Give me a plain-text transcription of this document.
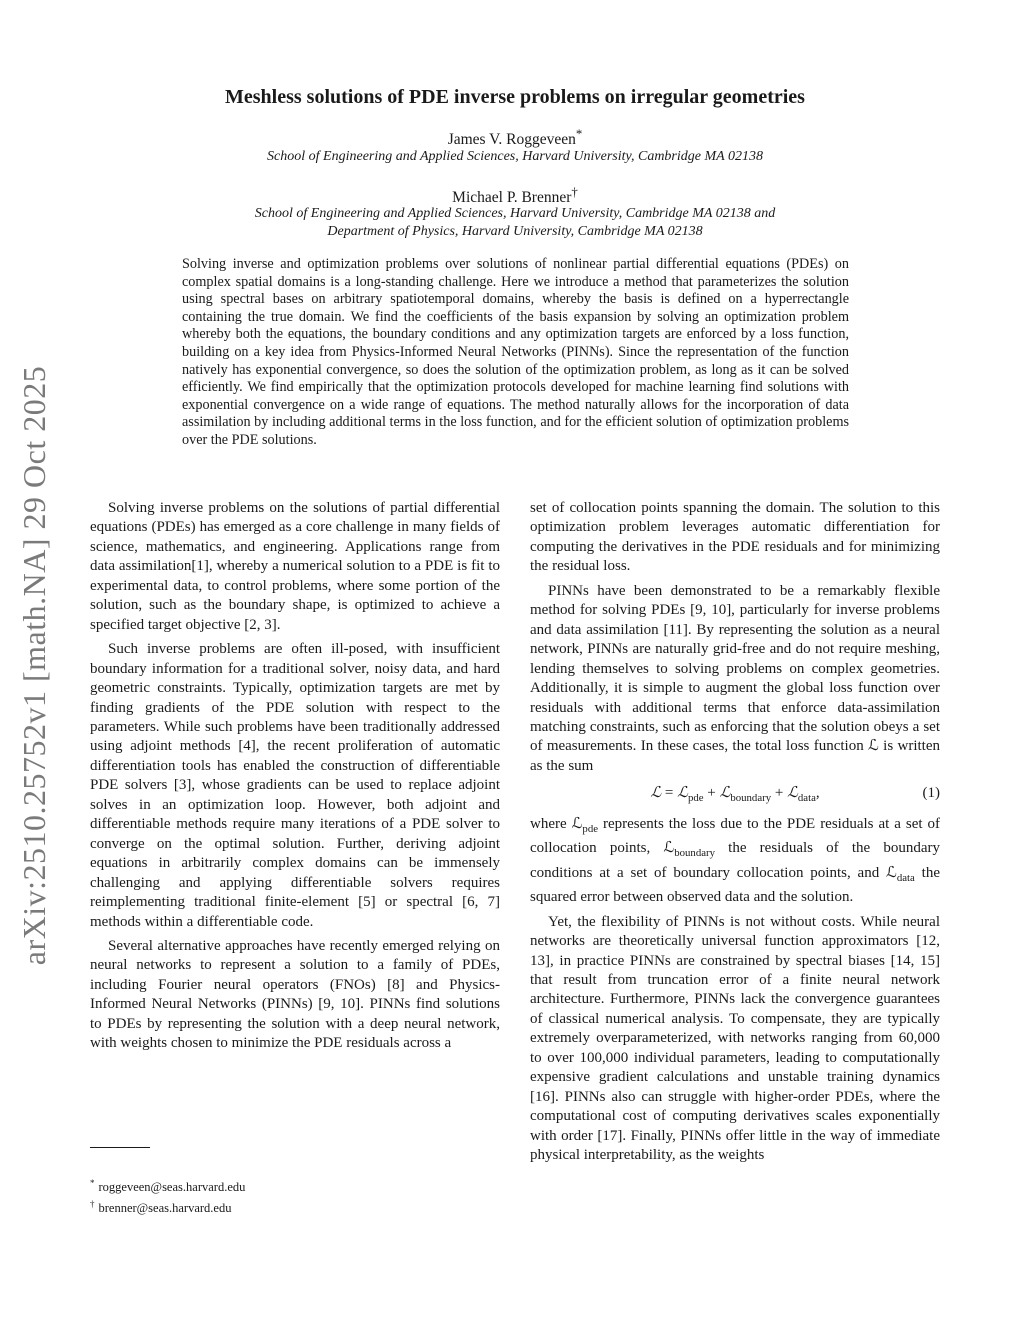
arXiv:2510.25752v1 [math.NA] 29 Oct 2025
Meshless solutions of PDE inverse problems on irregular geometries
James V. Roggeveen*
School of Engineering and Applied Sciences, Harvard University, Cambridge MA 02138
Michael P. Brenner†
School of Engineering and Applied Sciences, Harvard University, Cambridge MA 02138 and
Department of Physics, Harvard University, Cambridge MA 02138
Solving inverse and optimization problems over solutions of nonlinear partial differential equations (PDEs) on complex spatial domains is a long-standing challenge. Here we introduce a method that parameterizes the solution using spectral bases on arbitrary spatiotemporal domains, whereby the basis is defined on a hyperrectangle containing the true domain. We find the coefficients of the basis expansion by solving an optimization problem whereby both the equations, the boundary conditions and any optimization targets are enforced by a loss function, building on a key idea from Physics-Informed Neural Networks (PINNs). Since the representation of the function natively has exponential convergence, so does the solution of the optimization problem, as long as it can be solved efficiently. We find empirically that the optimization protocols developed for machine learning find solutions with exponential convergence on a wide range of equations. The method naturally allows for the incorporation of data assimilation by including additional terms in the loss function, and for the efficient solution of optimization problems over the PDE solutions.

Solving inverse problems on the solutions of partial differential equations (PDEs) has emerged as a core challenge in many fields of science, mathematics, and engineering. Applications range from data assimilation[1], whereby a numerical solution to a PDE is fit to experimental data, to control problems, where some portion of the solution, such as the boundary shape, is optimized to achieve a specified target objective [2, 3].

Such inverse problems are often ill-posed, with insufficient boundary information for a traditional solver, noisy data, and hard geometric constraints. Typically, optimization targets are met by finding gradients of the PDE solution with respect to the parameters. While such problems have been traditionally addressed using adjoint methods [4], the recent proliferation of automatic differentiation tools has enabled the construction of differentiable PDE solvers [3], whose gradients can be used to replace adjoint solves in an optimization loop. However, both adjoint and differentiable methods require many iterations of a PDE solver to converge on the optimal solution. Further, deriving adjoint equations in arbitrarily complex domains can be immensely challenging and applying differentiable solvers requires reimplementing traditional finite-element [5] or spectral [6, 7] methods within a differentiable code.

Several alternative approaches have recently emerged relying on neural networks to represent a solution to a family of PDEs, including Fourier neural operators (FNOs) [8] and Physics-Informed Neural Networks (PINNs) [9, 10]. PINNs find solutions to PDEs by representing the solution with a deep neural network, with weights chosen to minimize the PDE residuals across a

set of collocation points spanning the domain. The solution to this optimization problem leverages automatic differentiation for computing the derivatives in the PDE residuals and for minimizing the residual loss.

PINNs have been demonstrated to be a remarkably flexible method for solving PDEs [9, 10], particularly for inverse problems and data assimilation [11]. By representing the solution as a neural network, PINNs are naturally grid-free and do not require meshing, lending themselves to solving problems on complex geometries. Additionally, it is simple to augment the global loss function over residuals with additional terms that enforce data-assimilation matching constraints, such as enforcing that the solution obeys a set of measurements. In these cases, the total loss function ℒ is written as the sum

ℒ = ℒ$_{pde}$ + ℒ$_{boundary}$ + ℒ$_{data}$,	(1)

where ℒ$_{pde}$ represents the loss due to the PDE residuals at a set of collocation points, ℒ$_{boundary}$ the residuals of the boundary conditions at a set of boundary collocation points, and ℒ$_{data}$ the squared error between observed data and the solution.

Yet, the flexibility of PINNs is not without costs. While neural networks are theoretically universal function approximators [12, 13], in practice PINNs are constrained by spectral biases [14, 15] that result from truncation error of a finite neural network architecture. Furthermore, PINNs lack the convergence guarantees of classical numerical analysis. To compensate, they are typically extremely overparameterized, with networks ranging from 60,000 to over 100,000 individual parameters, leading to computationally expensive gradient calculations and unstable training dynamics [16]. PINNs also can struggle with higher-order PDEs, where the computational cost of computing derivatives scales exponentially with order [17]. Finally, PINNs offer little in the way of immediate physical interpretability, as the weights

* roggeveen@seas.harvard.edu
† brenner@seas.harvard.edu
